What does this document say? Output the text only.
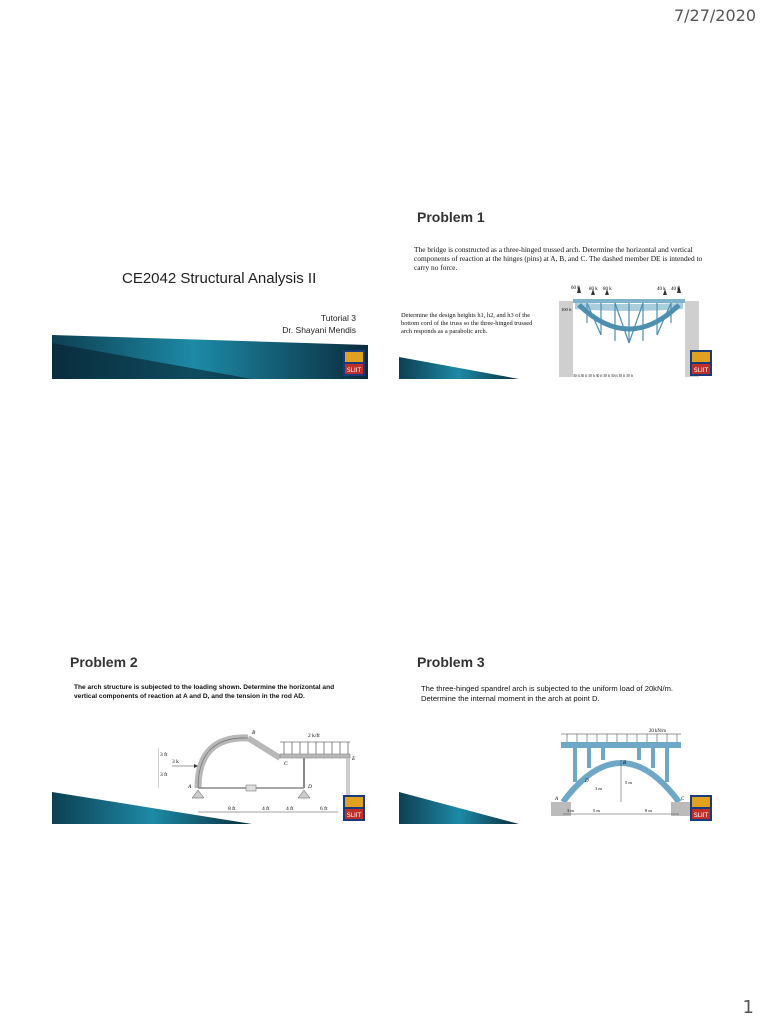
7/27/2020
CE2042 Structural Analysis II
Tutorial 3
Dr. Shayani Mendis
SLIIT
Problem 1
The bridge is constructed as a three-hinged trussed arch. Determine the horizontal and vertical components of reaction at the hinges (pins) at A, B, and C. The dashed member DE is intended to carry no force.
Determine the design heights h1, h2, and h3 of the bottom cord of the truss so the three-hinged trussed arch responds as a parabolic arch.
60 k 80 k 80 k	40 k 40 k
100 ft
30 ft 30 ft 30 ft 30 ft 30 ft 30 ft 30 ft 30 ft
SLIIT
Problem 2
The arch structure is subjected to the loading shown. Determine the horizontal and vertical components of reaction at A and D, and the tension in the rod AD.
B	2 k/ft
3 k
3 ft
3 ft
C
A	D
E
8 ft	4 ft	4 ft	6 ft
SLIIT
Problem 3
The three-hinged spandrel arch is subjected to the uniform load of 20kN/m. Determine the internal moment in the arch at point D.
20 kN/m
A
B
C
D
3 m
5 m
3 m	5 m	8 m
SLIIT
1
